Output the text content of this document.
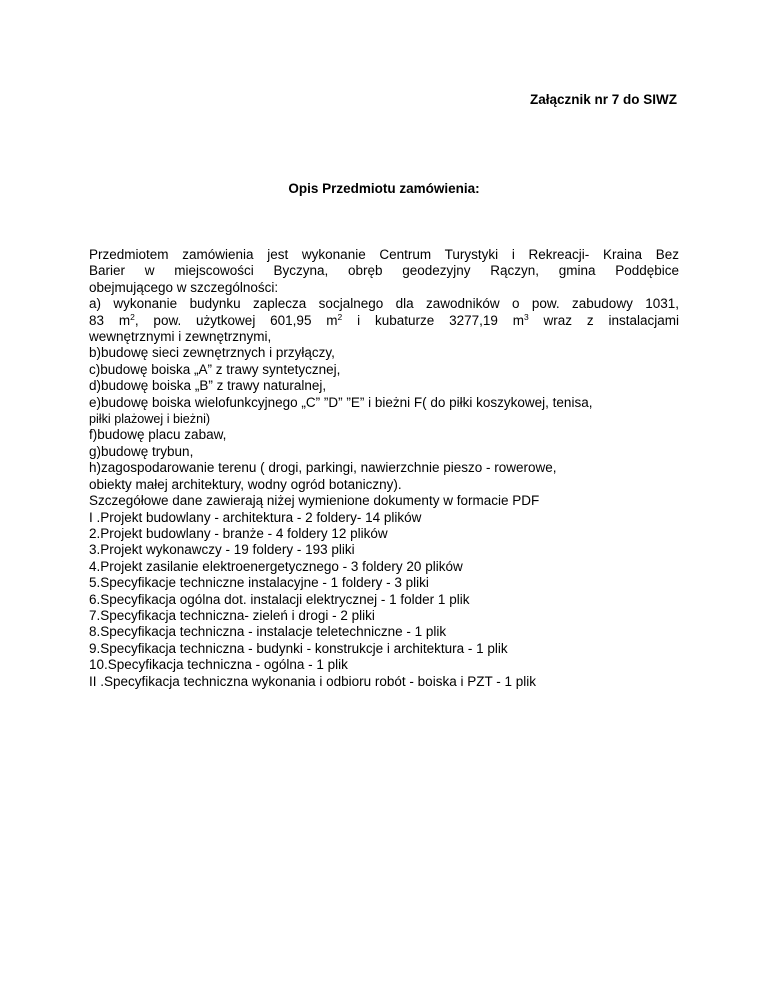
Załącznik nr 7 do SIWZ
Opis Przedmiotu zamówienia:
Przedmiotem zamówienia jest wykonanie Centrum Turystyki i Rekreacji- Kraina Bez
Barier w miejscowości Byczyna, obręb geodezyjny Rączyn, gmina Poddębice
obejmującego w szczególności:
a) wykonanie budynku zaplecza socjalnego dla zawodników o pow. zabudowy 1031,
83 $m^2$, pow. użytkowej 601,95 $m^2$ i kubaturze 3277,19 $m^3$ wraz z instalacjami
wewnętrznymi i zewnętrznymi,
b)budowę sieci zewnętrznych i przyłączy,
c)budowę boiska „A” z trawy syntetycznej,
d)budowę boiska „B” z trawy naturalnej,
e)budowę boiska wielofunkcyjnego „C” ”D” ”E” i bieżni F( do piłki koszykowej, tenisa,
piłki plażowej i bieżni)
f)budowę placu zabaw,
g)budowę trybun,
h)zagospodarowanie terenu ( drogi, parkingi, nawierzchnie pieszo - rowerowe,
obiekty małej architektury, wodny ogród botaniczny).
Szczegółowe dane zawierają niżej wymienione dokumenty w formacie PDF
I .Projekt budowlany - architektura - 2 foldery- 14 plików
2.Projekt budowlany - branże - 4 foldery 12 plików
3.Projekt wykonawczy - 19 foldery - 193 pliki
4.Projekt zasilanie elektroenergetycznego - 3 foldery 20 plików
5.Specyfikacje techniczne instalacyjne - 1 foldery - 3 pliki
6.Specyfikacja ogólna dot. instalacji elektrycznej - 1 folder 1 plik
7.Specyfikacja techniczna- zieleń i drogi - 2 pliki
8.Specyfikacja techniczna - instalacje teletechniczne - 1 plik
9.Specyfikacja techniczna - budynki - konstrukcje i architektura - 1 plik
10.Specyfikacja techniczna - ogólna - 1 plik
II .Specyfikacja techniczna wykonania i odbioru robót - boiska i PZT - 1 plik
